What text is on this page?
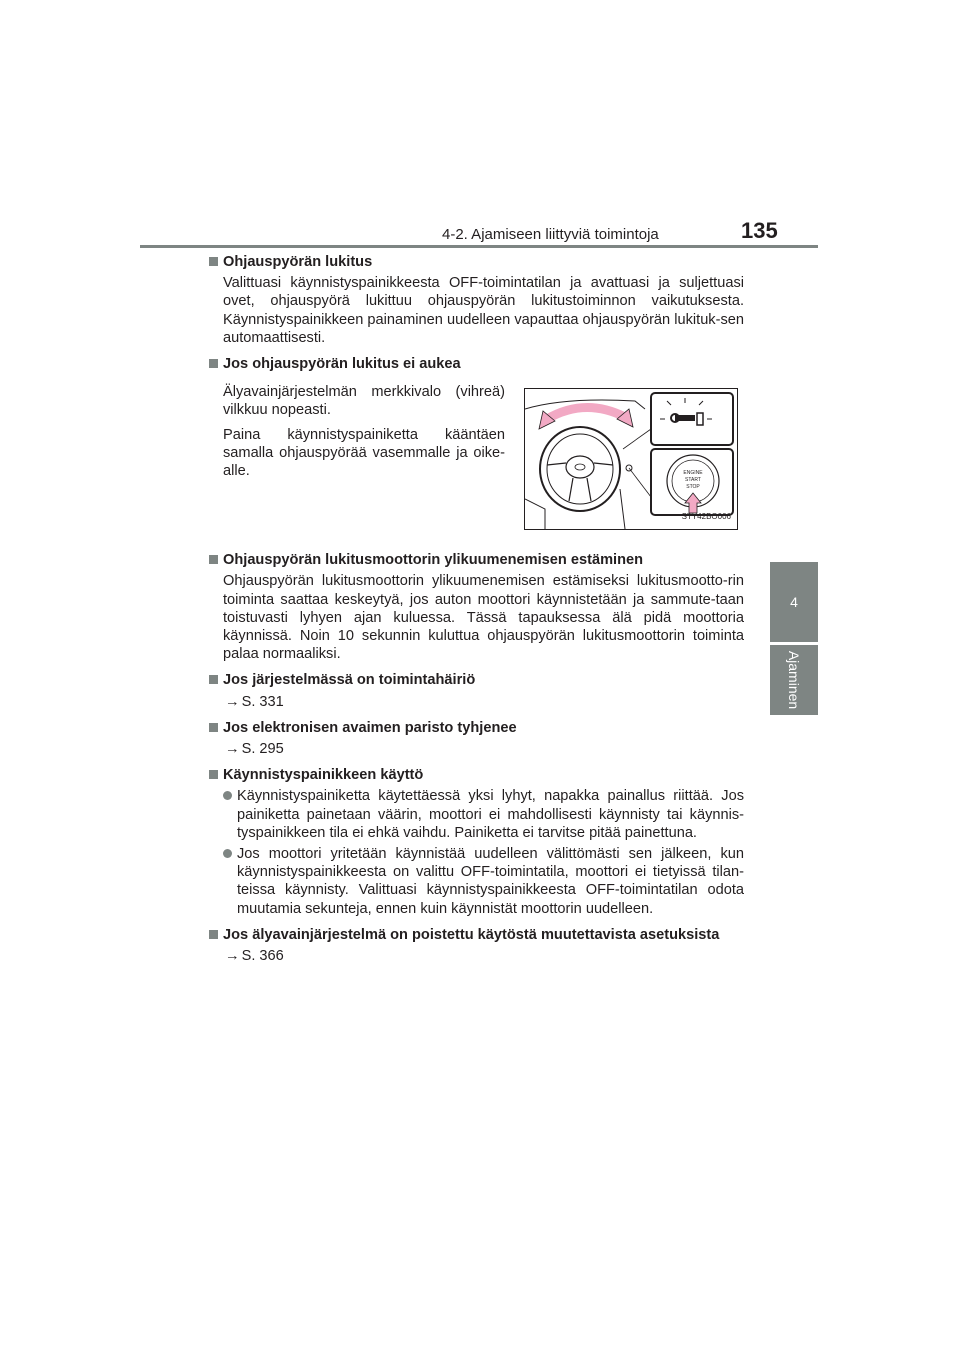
4-2. Ajamiseen liittyviä toimintoja	135
4
Ajaminen

Ohjauspyörän lukitus

Valittuasi käynnistyspainikkeesta OFF-toimintatilan ja avattuasi ja suljettuasi ovet, ohjauspyörä lukittuu ohjauspyörän lukitustoiminnon vaikutuksesta. Käynnistyspainikkeen painaminen uudelleen vapauttaa ohjauspyörän lukituk-sen automaattisesti.

Jos ohjauspyörän lukitus ei aukea

Älyavainjärjestelmän merkkivalo (vihreä) vilkkuu nopeasti.

Paina käynnistyspainiketta kääntäen samalla ohjauspyörää vasemmalle ja oike-alle.	ENGINE
START
STOP
STY42BO006

Ohjauspyörän lukitusmoottorin ylikuumenemisen estäminen

Ohjauspyörän lukitusmoottorin ylikuumenemisen estämiseksi lukitusmootto-rin toiminta saattaa keskeytyä, jos auton moottori käynnistetään ja sammute-taan toistuvasti lyhyen ajan kuluessa. Tässä tapauksessa älä pidä moottoria käynnissä. Noin 10 sekunnin kuluttua ohjauspyörän lukitusmoottorin toiminta palaa normaaliksi.

Jos järjestelmässä on toimintahäiriö

→ S. 331

Jos elektronisen avaimen paristo tyhjenee

→ S. 295

Käynnistyspainikkeen käyttö

Käynnistyspainiketta käytettäessä yksi lyhyt, napakka painallus riittää. Jos painiketta painetaan väärin, moottori ei mahdollisesti käynnisty tai käynnis-tyspainikkeen tila ei ehkä vaihdu. Painiketta ei tarvitse pitää painettuna.

Jos moottori yritetään käynnistää uudelleen välittömästi sen jälkeen, kun käynnistyspainikkeesta on valittu OFF-toimintatila, moottori ei tietyissä tilan-teissa käynnisty. Valittuasi käynnistyspainikkeesta OFF-toimintatilan odota muutamia sekunteja, ennen kuin käynnistät moottorin uudelleen.

Jos älyavainjärjestelmä on poistettu käytöstä muutettavista asetuksista

→ S. 366
